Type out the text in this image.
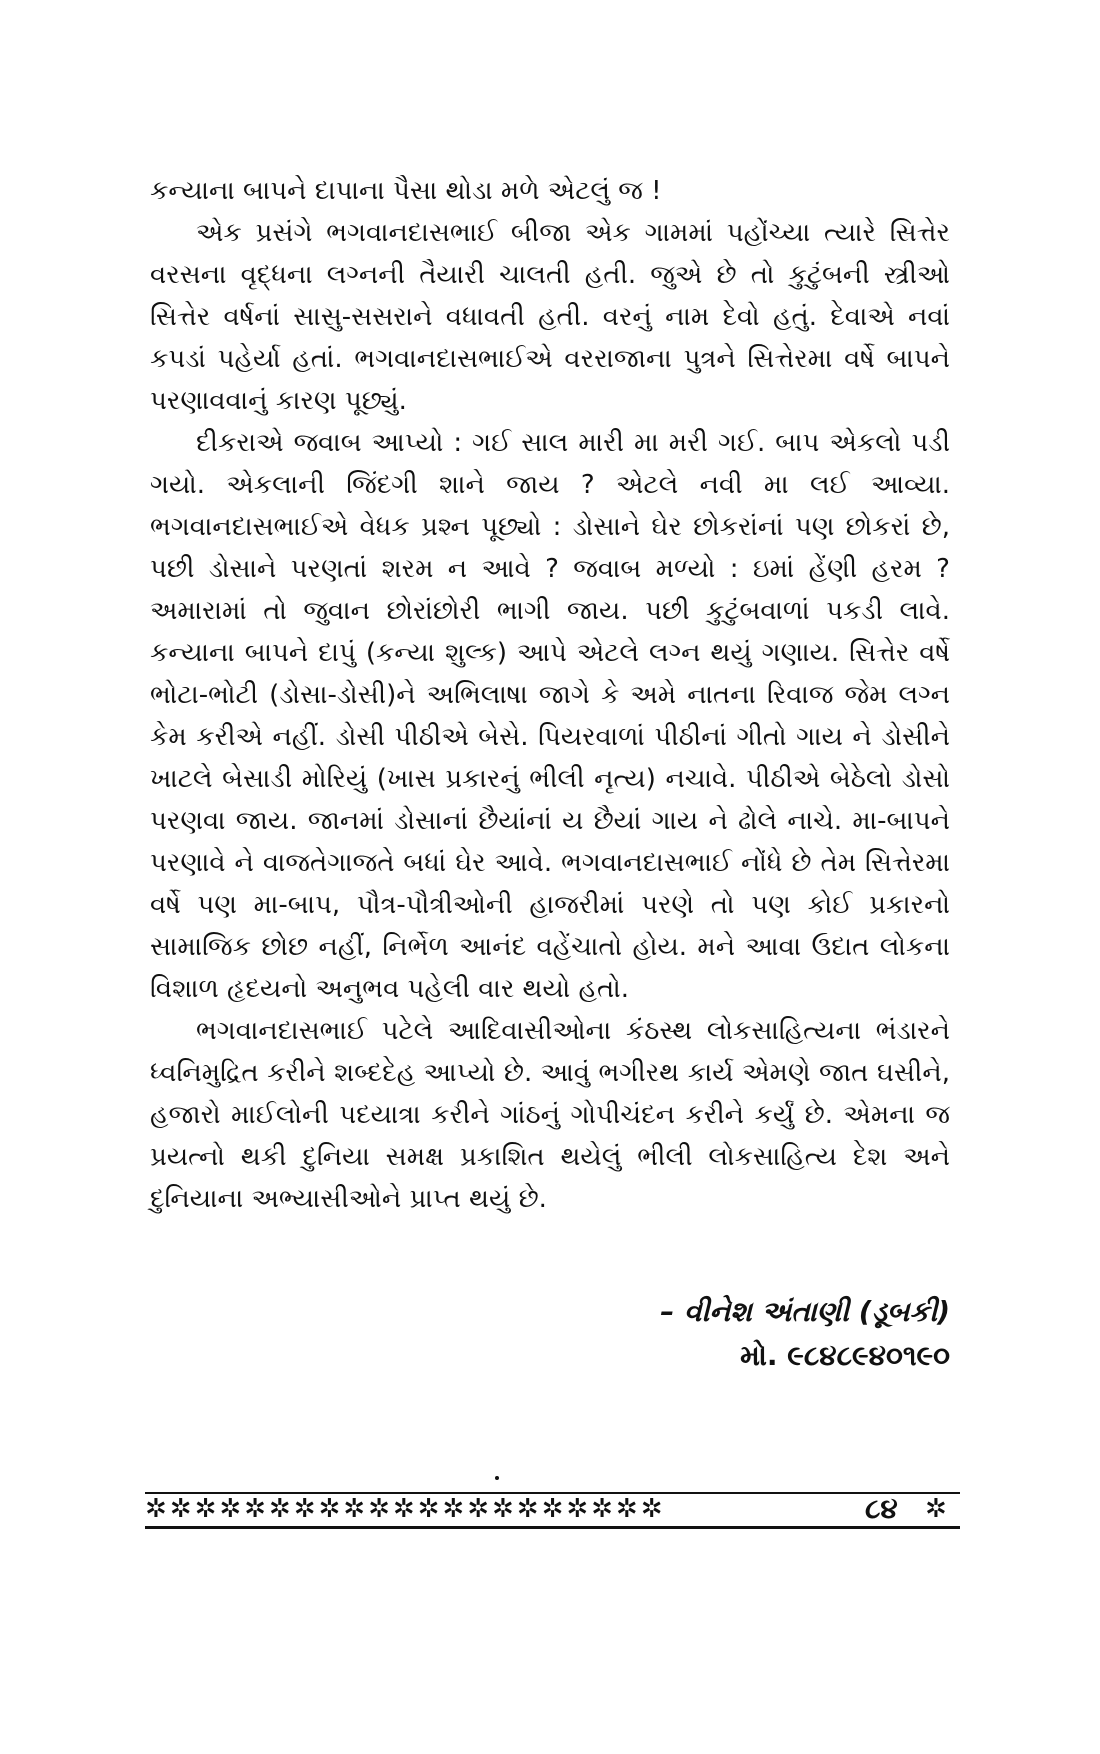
કન્યાના બાપને દાપાના પૈસા થોડા મળે એટલું જ !

એક પ્રસંગે ભગવાનદાસભાઈ બીજા એક ગામમાં પહોંચ્યા ત્યારે સિત્તેર વરસના વૃદ્ધના લગ્નની તૈયારી ચાલતી હતી. જુએ છે તો કુટુંબની સ્ત્રીઓ સિત્તેર વર્ષનાં સાસુ-સસરાને વધાવતી હતી. વરનું નામ દેવો હતું. દેવાએ નવાં કપડાં પહેર્યા હતાં. ભગવાનદાસભાઈએ વરરાજાના પુત્રને સિત્તેરમા વર્ષે બાપને પરણાવવાનું કારણ પૂછ્યું.

દીકરાએ જવાબ આપ્યો : ગઈ સાલ મારી મા મરી ગઈ. બાપ એકલો પડી ગયો. એકલાની જિંદગી શાને જાય ? એટલે નવી મા લઈ આવ્યા. ભગવાનદાસભાઈએ વેધક પ્રશ્ન પૂછ્યો : ડોસાને ઘેર છોકરાંનાં પણ છોકરાં છે, પછી ડોસાને પરણતાં શરમ ન આવે ? જવાબ મળ્યો : ઇમાં હેંણી હરમ ? અમારામાં તો જુવાન છોરાંછોરી ભાગી જાય. પછી કુટુંબવાળાં પકડી લાવે. કન્યાના બાપને દાપું (કન્યા શુલ્ક) આપે એટલે લગ્ન થયું ગણાય. સિત્તેર વર્ષે ભોટા-ભોટી (ડોસા-ડોસી)ને અભિલાષા જાગે કે અમે નાતના રિવાજ જેમ લગ્ન કેમ કરીએ નહીં. ડોસી પીઠીએ બેસે. પિયરવાળાં પીઠીનાં ગીતો ગાય ને ડોસીને ખાટલે બેસાડી મોરિયું (ખાસ પ્રકારનું ભીલી નૃત્ય) નચાવે. પીઠીએ બેઠેલો ડોસો પરણવા જાય. જાનમાં ડોસાનાં છૈયાંનાં ય છૈયાં ગાય ને ઢોલે નાચે. મા-બાપને પરણાવે ને વાજતેગાજતે બધાં ઘેર આવે. ભગવાનદાસભાઈ નોંધે છે તેમ સિત્તેરમા વર્ષે પણ મા-બાપ, પૌત્ર-પૌત્રીઓની હાજરીમાં પરણે તો પણ કોઈ પ્રકારનો સામાજિક છોછ નહીં, નિર્ભેળ આનંદ વહેંચાતો હોય. મને આવા ઉદાત લોકના વિશાળ હૃદયનો અનુભવ પહેલી વાર થયો હતો.

ભગવાનદાસભાઈ પટેલે આદિવાસીઓના કંઠસ્થ લોકસાહિત્યના ભંડારને ધ્વનિમુદ્રિત કરીને શબ્દદેહ આપ્યો છે. આવું ભગીરથ કાર્ય એમણે જાત ઘસીને, હજારો માઈલોની પદયાત્રા કરીને ગાંઠનું ગોપીચંદન કરીને કર્યું છે. એમના જ પ્રયત્નો થકી દુનિયા સમક્ષ પ્રકાશિત થયેલું ભીલી લોકસાહિત્ય દેશ અને દુનિયાના અભ્યાસીઓને પ્રાપ્ત થયું છે.

– વીનેશ અંતાણી (ડૂબકી)
મો. ૯૮૪૮૯૪૦૧૯૦
✲✲✲✲✲✲✲✲✲✲✲✲✲✲✲✲✲✲✲✲✲	૮૪ ✲
